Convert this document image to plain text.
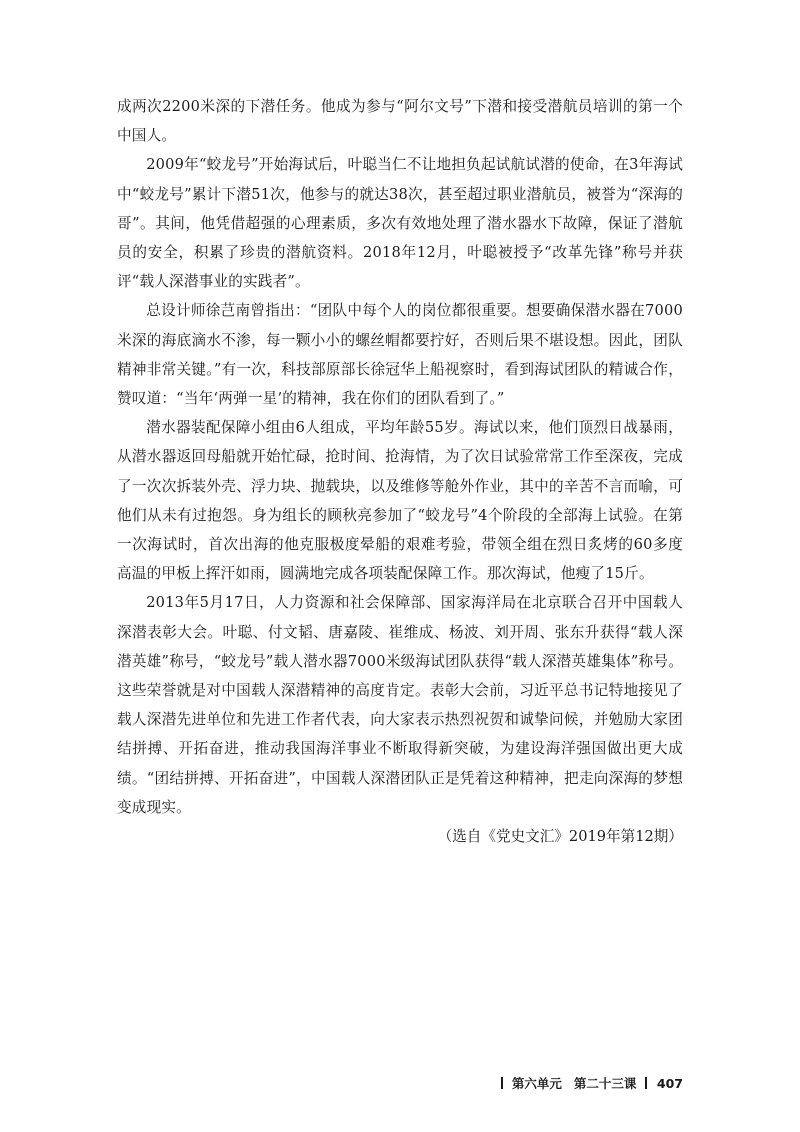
成两次2200米深的下潜任务。他成为参与“阿尔文号”下潜和接受潜航员培训的第一个中国人。

2009年“蛟龙号”开始海试后，叶聪当仁不让地担负起试航试潜的使命，在3年海试中“蛟龙号”累计下潜51次，他参与的就达38次，甚至超过职业潜航员，被誉为“深海的哥”。其间，他凭借超强的心理素质，多次有效地处理了潜水器水下故障，保证了潜航员的安全，积累了珍贵的潜航资料。2018年12月，叶聪被授予“改革先锋”称号并获评“载人深潜事业的实践者”。

总设计师徐芑南曾指出：“团队中每个人的岗位都很重要。想要确保潜水器在7000米深的海底滴水不渗，每一颗小小的螺丝帽都要拧好，否则后果不堪设想。因此，团队精神非常关键。”有一次，科技部原部长徐冠华上船视察时，看到海试团队的精诚合作，赞叹道：“当年‘两弹一星’的精神，我在你们的团队看到了。”

潜水器装配保障小组由6人组成，平均年龄55岁。海试以来，他们顶烈日战暴雨，从潜水器返回母船就开始忙碌，抢时间、抢海情，为了次日试验常常工作至深夜，完成了一次次拆装外壳、浮力块、抛载块，以及维修等舱外作业，其中的辛苦不言而喻，可他们从未有过抱怨。身为组长的顾秋亮参加了“蛟龙号”4个阶段的全部海上试验。在第一次海试时，首次出海的他克服极度晕船的艰难考验，带领全组在烈日炙烤的60多度高温的甲板上挥汗如雨，圆满地完成各项装配保障工作。那次海试，他瘦了15斤。

2013年5月17日，人力资源和社会保障部、国家海洋局在北京联合召开中国载人深潜表彰大会。叶聪、付文韬、唐嘉陵、崔维成、杨波、刘开周、张东升获得“载人深潜英雄”称号，“蛟龙号”载人潜水器7000米级海试团队获得“载人深潜英雄集体”称号。这些荣誉就是对中国载人深潜精神的高度肯定。表彰大会前，习近平总书记特地接见了载人深潜先进单位和先进工作者代表，向大家表示热烈祝贺和诚挚问候，并勉励大家团结拼搏、开拓奋进，推动我国海洋事业不断取得新突破，为建设海洋强国做出更大成绩。“团结拼搏、开拓奋进”，中国载人深潜团队正是凭着这种精神，把走向深海的梦想变成现实。

（选自《党史文汇》2019年第12期）

第六单元 第二十三课 407
